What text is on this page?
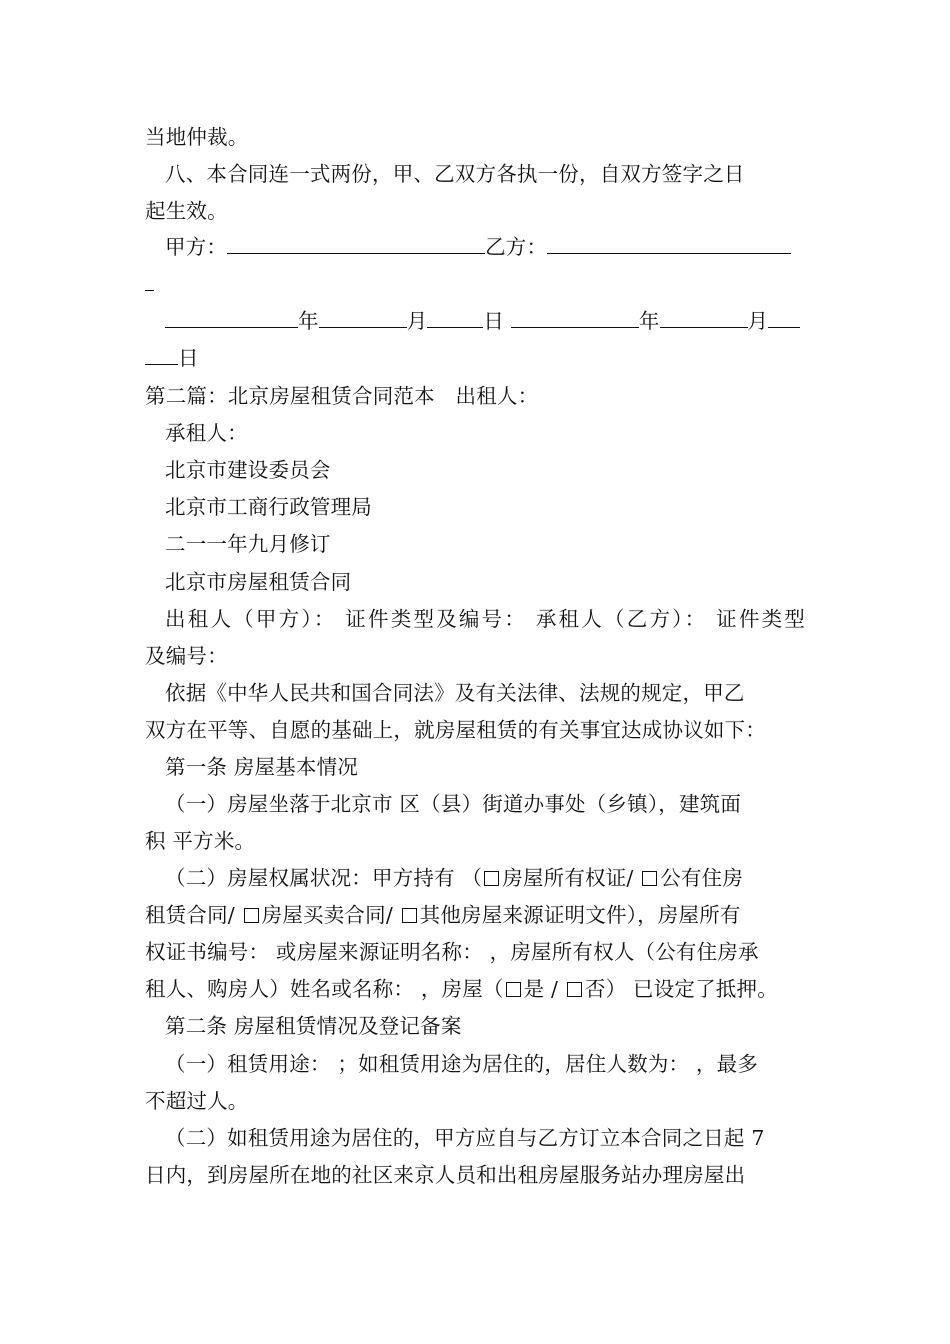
当地仲裁。
八、本合同连一式两份，甲、乙双方各执一份，自双方签字之日
起生效。
甲方：	乙方：
年	月	日	年	月
日
第二篇：北京房屋租赁合同范本　出租人：
承租人：
北京市建设委员会
北京市工商行政管理局
二一一年九月修订
北京市房屋租赁合同
出租人（甲方）： 证件类型及编号： 承租人（乙方）： 证件类型
及编号：
依据《中华人民共和国合同法》及有关法律、法规的规定，甲乙
双方在平等、自愿的基础上，就房屋租赁的有关事宜达成协议如下：
第一条 房屋基本情况
（一）房屋坐落于北京市 区（县）街道办事处（乡镇），建筑面
积 平方米。
（二）房屋权属状况：甲方持有 （ 房屋所有权证/ 公有住房
租赁合同/ 房屋买卖合同/ 其他房屋来源证明文件），房屋所有
权证书编号： 或房屋来源证明名称： ，房屋所有权人（公有住房承
租人、购房人）姓名或名称： ，房屋（ 是 / 否） 已设定了抵押。
第二条 房屋租赁情况及登记备案
（一）租赁用途： ；如租赁用途为居住的，居住人数为： ，最多
不超过人。
（二）如租赁用途为居住的，甲方应自与乙方订立本合同之日起 7
日内，到房屋所在地的社区来京人员和出租房屋服务站办理房屋出
